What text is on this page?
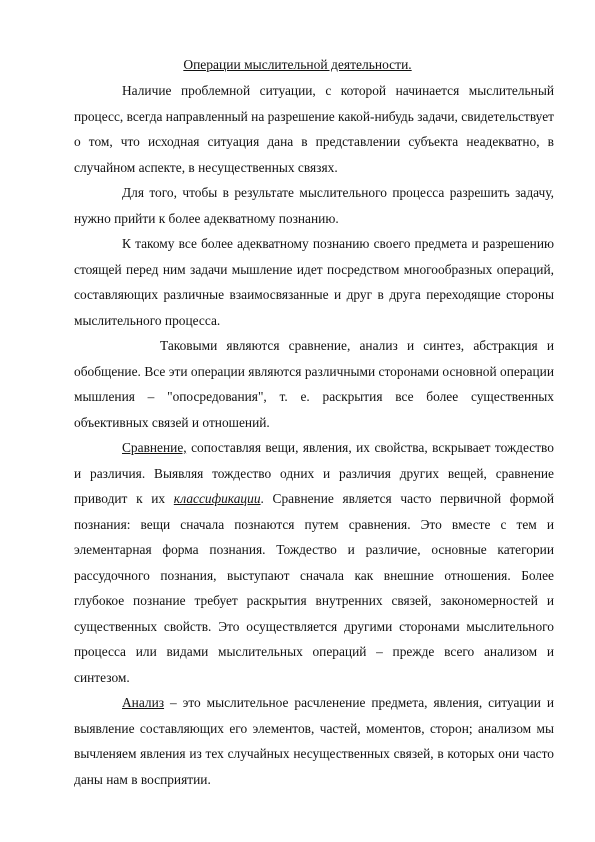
Операции мыслительной деятельности.

Наличие проблемной ситуации, с которой начинается мыслительный процесс, всегда направленный на разрешение какой-нибудь задачи, свидетельствует о том, что исходная ситуация дана в представлении субъекта неадекватно, в случайном аспекте, в несущественных связях.

Для того, чтобы в результате мыслительного процесса разрешить задачу, нужно прийти к более адекватному познанию.

К такому все более адекватному познанию своего предмета и разрешению стоящей перед ним задачи мышление идет посредством многообразных операций, составляющих различные взаимосвязанные и друг в друга переходящие стороны мыслительного процесса.

Таковыми являются сравнение, анализ и синтез, абстракция и обобщение. Все эти операции являются различными сторонами основной операции мышления – "опосредования", т. е. раскрытия все более существенных объективных связей и отношений.

Сравнение, сопоставляя вещи, явления, их свойства, вскрывает тождество и различия. Выявляя тождество одних и различия других вещей, сравнение приводит к их классификации. Сравнение является часто первичной формой познания: вещи сначала познаются путем сравнения. Это вместе с тем и элементарная форма познания. Тождество и различие, основные категории рассудочного познания, выступают сначала как внешние отношения. Более глубокое познание требует раскрытия внутренних связей, закономерностей и существенных свойств. Это осуществляется другими сторонами мыслительного процесса или видами мыслительных операций – прежде всего анализом и синтезом.

Анализ – это мыслительное расчленение предмета, явления, ситуации и выявление составляющих его элементов, частей, моментов, сторон; анализом мы вычленяем явления из тех случайных несущественных связей, в которых они часто даны нам в восприятии.
